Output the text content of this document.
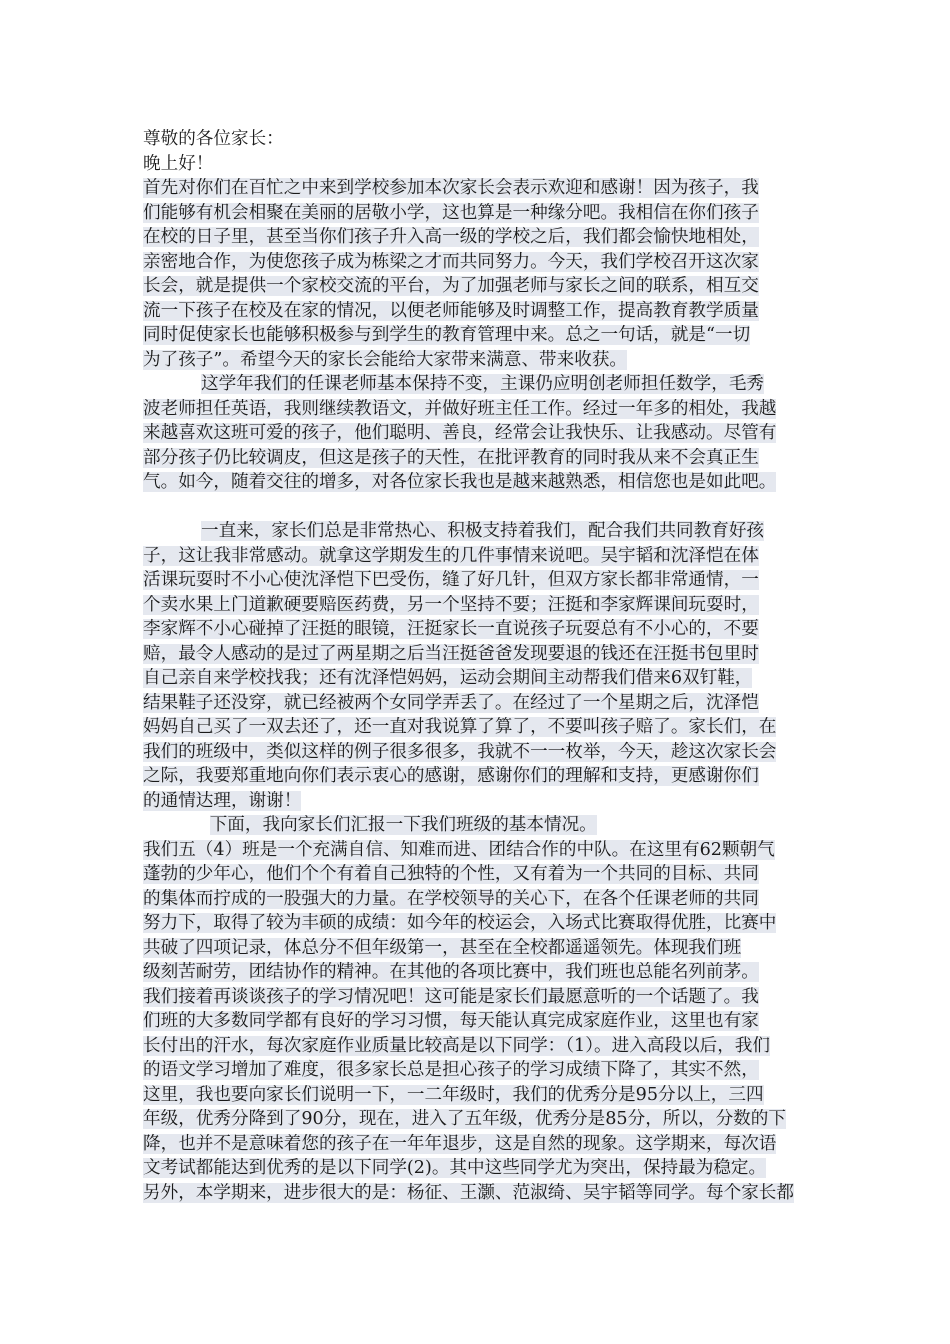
尊敬的各位家长：
晚上好！
首先对你们在百忙之中来到学校参加本次家长会表示欢迎和感谢！因为孩子，我
们能够有机会相聚在美丽的居敬小学，这也算是一种缘分吧。我相信在你们孩子
在校的日子里，甚至当你们孩子升入高一级的学校之后，我们都会愉快地相处，
亲密地合作，为使您孩子成为栋梁之才而共同努力。今天，我们学校召开这次家
长会，就是提供一个家校交流的平台，为了加强老师与家长之间的联系，相互交
流一下孩子在校及在家的情况，以便老师能够及时调整工作，提高教育教学质量
同时促使家长也能够积极参与到学生的教育管理中来。总之一句话，就是“一切
为了孩子”。希望今天的家长会能给大家带来满意、带来收获。
这学年我们的任课老师基本保持不变，主课仍应明创老师担任数学，毛秀
波老师担任英语，我则继续教语文，并做好班主任工作。经过一年多的相处，我越
来越喜欢这班可爱的孩子，他们聪明、善良，经常会让我快乐、让我感动。尽管有
部分孩子仍比较调皮，但这是孩子的天性，在批评教育的同时我从来不会真正生
气。如今，随着交往的增多，对各位家长我也是越来越熟悉，相信您也是如此吧。
一直来，家长们总是非常热心、积极支持着我们，配合我们共同教育好孩
子，这让我非常感动。就拿这学期发生的几件事情来说吧。吴宇韬和沈泽恺在体
活课玩耍时不小心使沈泽恺下巴受伤，缝了好几针，但双方家长都非常通情，一
个卖水果上门道歉硬要赔医药费，另一个坚持不要；汪挺和李家辉课间玩耍时，
李家辉不小心碰掉了汪挺的眼镜，汪挺家长一直说孩子玩耍总有不小心的，不要
赔，最令人感动的是过了两星期之后当汪挺爸爸发现要退的钱还在汪挺书包里时
自己亲自来学校找我；还有沈泽恺妈妈，运动会期间主动帮我们借来6双钉鞋，
结果鞋子还没穿，就已经被两个女同学弄丢了。在经过了一个星期之后，沈泽恺
妈妈自己买了一双去还了，还一直对我说算了算了，不要叫孩子赔了。家长们，在
我们的班级中，类似这样的例子很多很多，我就不一一枚举，今天，趁这次家长会
之际，我要郑重地向你们表示衷心的感谢，感谢你们的理解和支持，更感谢你们
的通情达理，谢谢！
下面，我向家长们汇报一下我们班级的基本情况。
我们五（4）班是一个充满自信、知难而进、团结合作的中队。在这里有62颗朝气
蓬勃的少年心，他们个个有着自己独特的个性，又有着为一个共同的目标、共同
的集体而拧成的一股强大的力量。在学校领导的关心下，在各个任课老师的共同
努力下，取得了较为丰硕的成绩：如今年的校运会，入场式比赛取得优胜，比赛中
共破了四项记录，体总分不但年级第一，甚至在全校都遥遥领先。体现我们班
级刻苦耐劳，团结协作的精神。在其他的各项比赛中，我们班也总能名列前茅。
我们接着再谈谈孩子的学习情况吧！这可能是家长们最愿意听的一个话题了。我
们班的大多数同学都有良好的学习习惯，每天能认真完成家庭作业，这里也有家
长付出的汗水，每次家庭作业质量比较高是以下同学：（1）。进入高段以后，我们
的语文学习增加了难度，很多家长总是担心孩子的学习成绩下降了，其实不然，
这里，我也要向家长们说明一下，一二年级时，我们的优秀分是95分以上，三四
年级，优秀分降到了90分，现在，进入了五年级，优秀分是85分，所以，分数的下
降，也并不是意味着您的孩子在一年年退步，这是自然的现象。这学期来，每次语
文考试都能达到优秀的是以下同学(2)。其中这些同学尤为突出，保持最为稳定。
另外，本学期来，进步很大的是：杨征、王灏、范淑绮、吴宇韬等同学。每个家长都
